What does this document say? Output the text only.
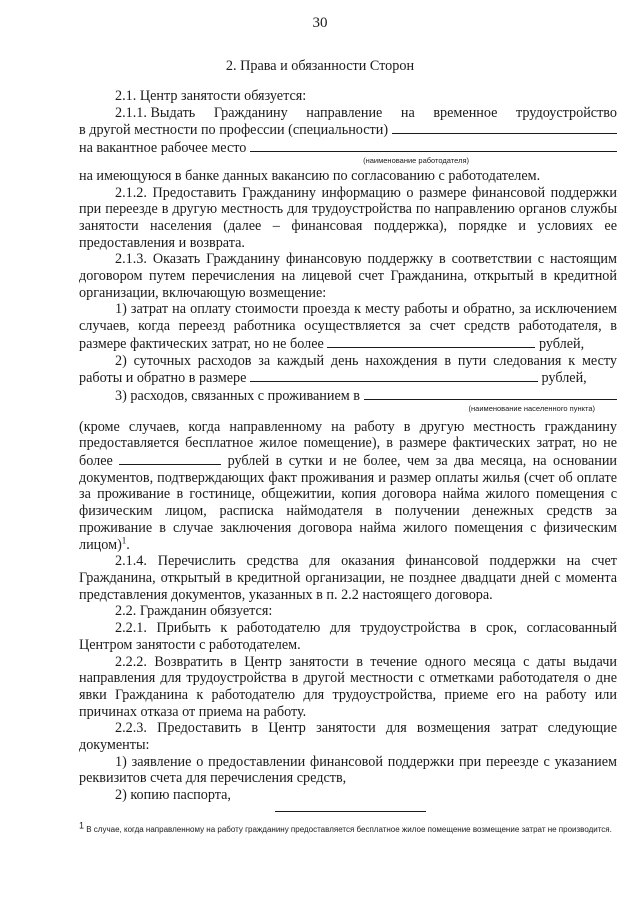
30
2. Права и обязанности Сторон

2.1. Центр занятости обязуется:

2.1.1. Выдать Гражданину направление на временное трудоустройство
в другой местности по профессии (специальности)
на вакантное рабочее место
(наименование работодателя)

на имеющуюся в банке данных вакансию по согласованию с работодателем.

2.1.2. Предоставить Гражданину информацию о размере финансовой поддержки при переезде в другую местность для трудоустройства по направлению органов службы занятости населения (далее – финансовая поддержка), порядке и условиях ее предоставления и возврата.

2.1.3. Оказать Гражданину финансовую поддержку в соответствии с настоящим договором путем перечисления на лицевой счет Гражданина, открытый в кредитной организации, включающую возмещение:

1) затрат на оплату стоимости проезда к месту работы и обратно, за исключением случаев, когда переезд работника осуществляется за счет средств работодателя, в размере фактических затрат, но не более	рублей,

2) суточных расходов за каждый день нахождения в пути следования к месту работы и обратно в размере	рублей,

3) расходов, связанных с проживанием в
(наименование населенного пункта)

(кроме случаев, когда направленному на работу в другую местность гражданину предоставляется бесплатное жилое помещение), в размере фактических затрат, но не более	рублей в сутки и не более, чем за два месяца, на основании документов, подтверждающих факт проживания и размер оплаты жилья (счет об оплате за проживание в гостинице, общежитии, копия договора найма жилого помещения с физическим лицом, расписка наймодателя в получении денежных средств за проживание в случае заключения договора найма жилого помещения с физическим лицом)$^1$.

2.1.4. Перечислить средства для оказания финансовой поддержки на счет Гражданина, открытый в кредитной организации, не позднее двадцати дней с момента представления документов, указанных в п. 2.2 настоящего договора.

2.2. Гражданин обязуется:

2.2.1. Прибыть к работодателю для трудоустройства в срок, согласованный Центром занятости с работодателем.

2.2.2. Возвратить в Центр занятости в течение одного месяца с даты выдачи направления для трудоустройства в другой местности с отметками работодателя о дне явки Гражданина к работодателю для трудоустройства, приеме его на работу или причинах отказа от приема на работу.

2.2.3. Предоставить в Центр занятости для возмещения затрат следующие документы:

1) заявление о предоставлении финансовой поддержки при переезде с указанием реквизитов счета для перечисления средств,

2) копию паспорта,

$^1$ В случае, когда направленному на работу гражданину предоставляется бесплатное жилое помещение возмещение затрат не производится.
